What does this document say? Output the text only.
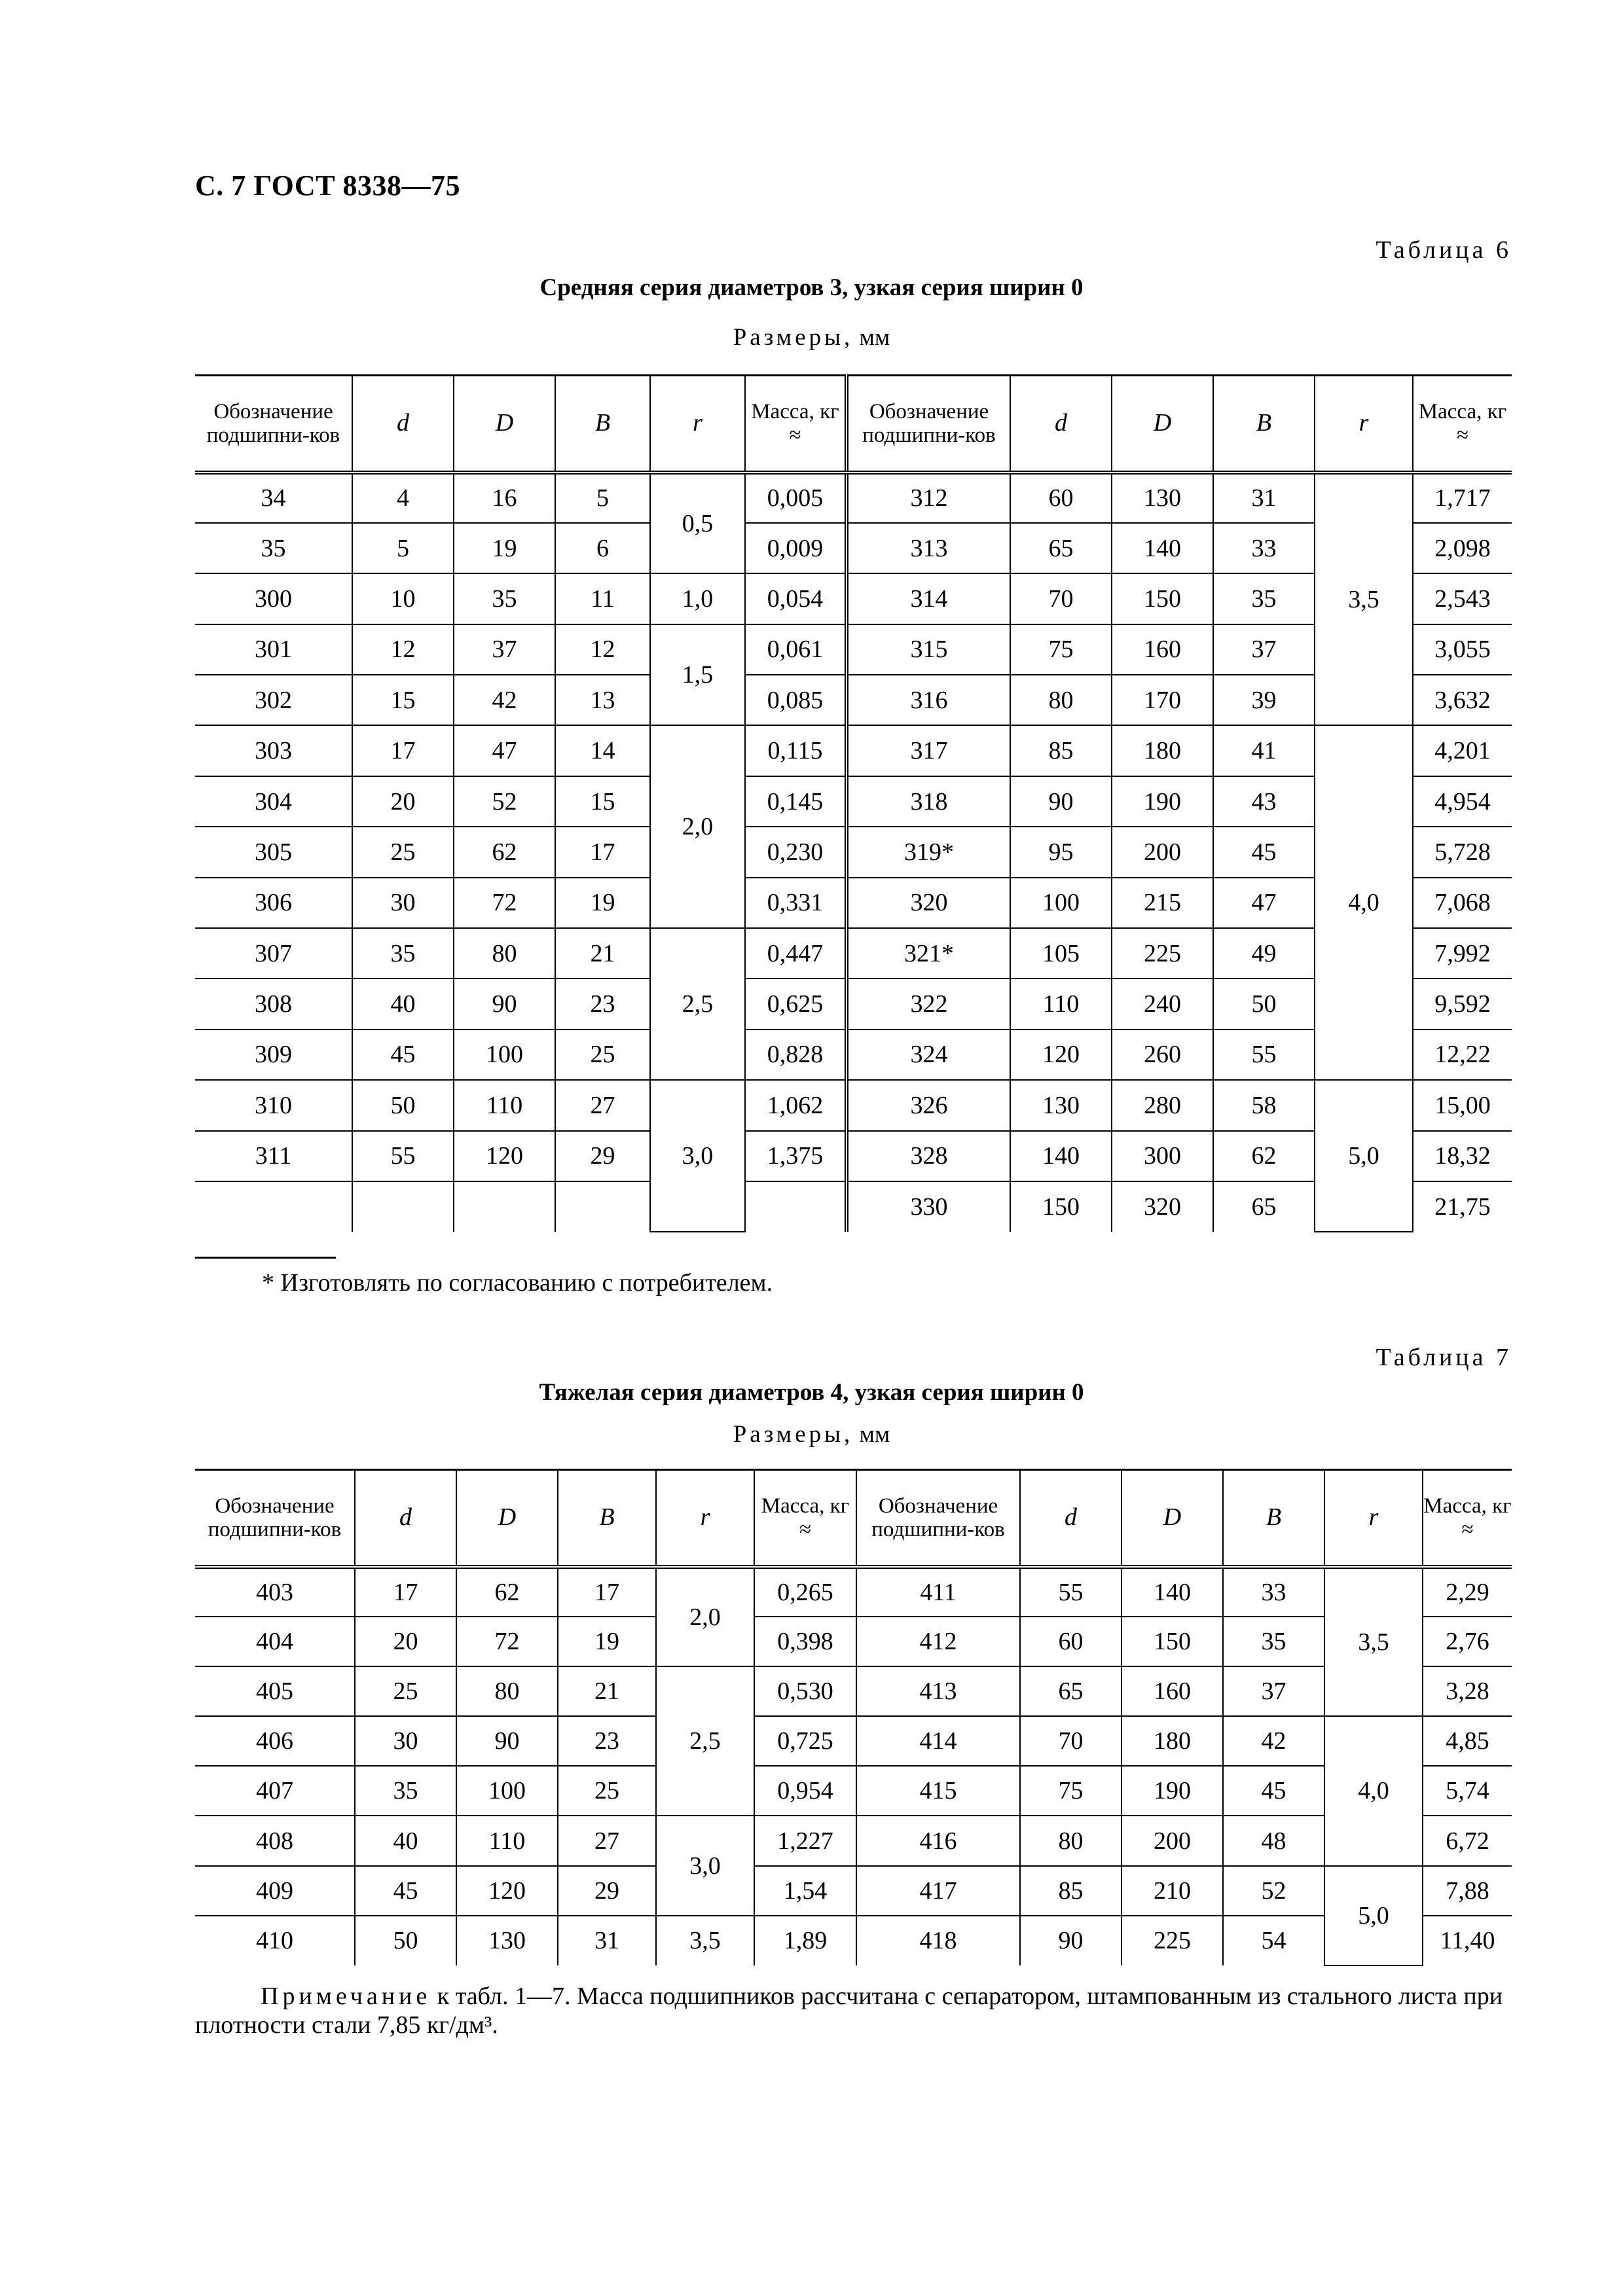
С. 7 ГОСТ 8338—75
Таблица 6
Средняя серия диаметров 3, узкая серия ширин 0
Размеры, мм
Обозначение подшипни-ков	d	D	B	r	Масса, кг ≈	Обозначение подшипни-ков	d	D	B	r	Масса, кг ≈
34	4	16	5	0,5	0,005	312	60	130	31	3,5	1,717
35	5	19	6		0,009	313	65	140	33		2,098
300	10	35	11	1,0	0,054	314	70	150	35		2,543
301	12	37	12	1,5	0,061	315	75	160	37		3,055
302	15	42	13		0,085	316	80	170	39		3,632
303	17	47	14	2,0	0,115	317	85	180	41	4,0	4,201
304	20	52	15		0,145	318	90	190	43		4,954
305	25	62	17		0,230	319*	95	200	45		5,728
306	30	72	19		0,331	320	100	215	47		7,068
307	35	80	21	2,5	0,447	321*	105	225	49		7,992
308	40	90	23		0,625	322	110	240	50		9,592
309	45	100	25		0,828	324	120	260	55		12,22
310	50	110	27	3,0	1,062	326	130	280	58	5,0	15,00
311	55	120	29		1,375	328	140	300	62		18,32
						330	150	320	65		21,75
* Изготовлять по согласованию с потребителем.
Таблица 7
Тяжелая серия диаметров 4, узкая серия ширин 0
Размеры, мм
Обозначение подшипни-ков	d	D	B	r	Масса, кг ≈	Обозначение подшипни-ков	d	D	B	r	Масса, кг ≈
403	17	62	17	2,0	0,265	411	55	140	33	3,5	2,29
404	20	72	19		0,398	412	60	150	35		2,76
405	25	80	21	2,5	0,530	413	65	160	37		3,28
406	30	90	23		0,725	414	70	180	42	4,0	4,85
407	35	100	25		0,954	415	75	190	45		5,74
408	40	110	27	3,0	1,227	416	80	200	48		6,72
409	45	120	29		1,54	417	85	210	52	5,0	7,88
410	50	130	31	3,5	1,89	418	90	225	54		11,40
Примечание к табл. 1—7. Масса подшипников рассчитана с сепаратором, штампованным из стального листа при плотности стали 7,85 кг/дм³.
